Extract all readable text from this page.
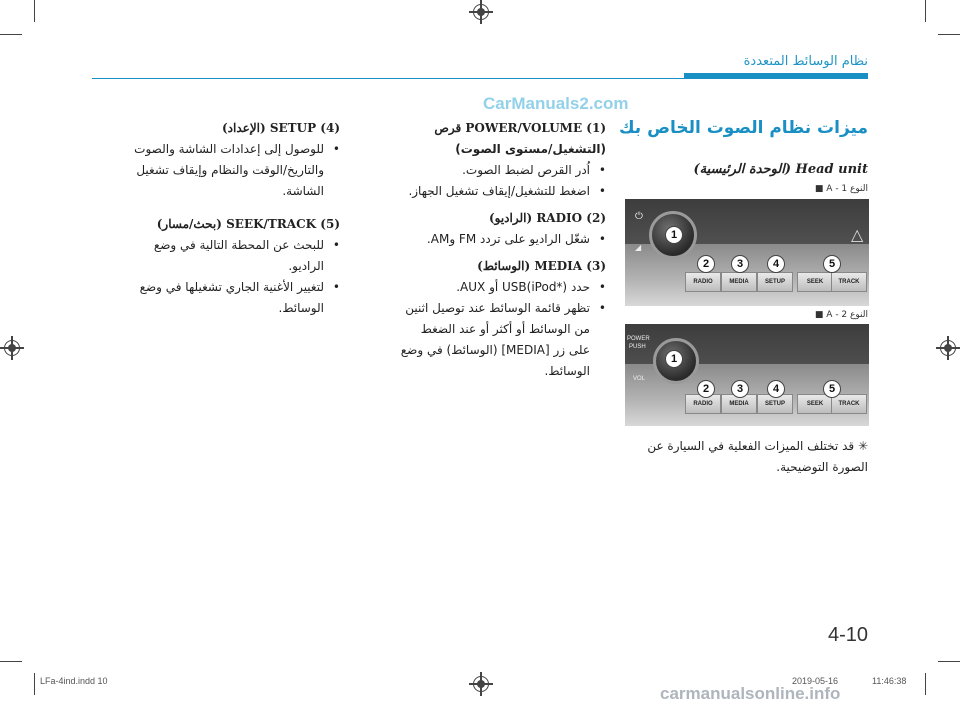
نظام الوسائط المتعددة
CarManuals2.com
ميزات نظام الصوت الخاص بك
Head unit (الوحدة الرئيسية)
النوع A - 1 ■
⏻
◢
△
RADIO	MEDIA	SETUP	SEEK	TRACK
1
2	3	4	5
النوع A - 2 ■
POWER
PUSH
VOL
RADIO	MEDIA	SETUP	SEEK	TRACK
1
2	3	4	5
✳ قد تختلف الميزات الفعلية في السيارة عن الصورة التوضيحية.
(1) POWER/VOLUME قرص
(التشغيل/مستوى الصوت)
• اُدر القرص لضبط الصوت.
• اضغط للتشغيل/إيقاف تشغيل الجهاز.
(2) RADIO (الراديو)
• شغّل الراديو على تردد FM وAM.
(3) MEDIA (الوسائط)
• حدد USB(iPod*) أو AUX.
• تظهر قائمة الوسائط عند توصيل اثنين من الوسائط أو أكثر أو عند الضغط على زر [MEDIA] (الوسائط) في وضع الوسائط.
(4) SETUP (الإعداد)
• للوصول إلى إعدادات الشاشة والصوت والتاريخ/الوقت والنظام وإيقاف تشغيل الشاشة.
(5) SEEK/TRACK (بحث/مسار)
• للبحث عن المحطة التالية في وضع الراديو.
• لتغيير الأغنية الجاري تشغيلها في وضع الوسائط.
4-10
LFa-4ind.indd 10	2019-05-16	11:46:38
carmanualsonline.info
